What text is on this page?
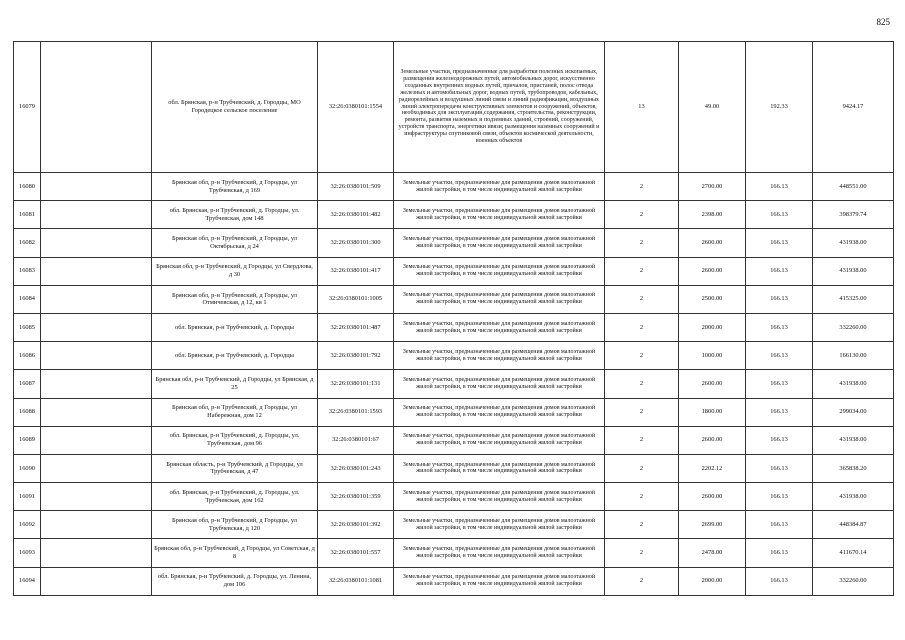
825
16079		обл. Брянская, р-н Трубчевский, д. Городцы, МО Городецкое сельское поселение	32:26:0380101:1554	Земельные участки, предназначенные для разработки полезных ископаемых, размещения железнодорожных путей, автомобильных дорог, искусственно созданных внутренних водных путей, причалов, пристаней, полос отвода железных и автомобильных дорог, водных путей, трубопроводов, кабельных, радиорелейных и воздушных линий связи и линий радиофикации, воздушных линий электропередачи конструктивных элементов и сооружений, объектов, необходимых для эксплуатации,содержания, строительства, реконструкции, ремонта, развития наземных и подземных зданий, строений, сооружений, устройств транспорта, энергетики ивязи; размещения наземных сооружений и инфраструктуры спутниковой связи, объектов космической деятельности, военных объектов	13	49.00	192.33	9424.17
16080		Брянская обл, р-н Трубчевский, д Городцы, ул Трубчевская, д 169	32:26:0380101:509	Земельные участки, предназначенные для размещения домов малоэтажной жилой застройки, в том числе индивидуальной жилой застройки	2	2700.00	166.13	448551.00
16081		обл. Брянская, р-н Трубчевский, д. Городцы, ул. Трубчевская, дом 148	32:26:0380101:482	Земельные участки, предназначенные для размещения домов малоэтажной жилой застройки, в том числе индивидуальной жилой застройки	2	2398.00	166.13	398379.74
16082		Брянская обл, р-н Трубчевский, д Городцы, ул Октябрьская, д 24	32:26:0380101:300	Земельные участки, предназначенные для размещения домов малоэтажной жилой застройки, в том числе индивидуальной жилой застройки	2	2600.00	166.13	431938.00
16083		Брянская обл, р-н Трубчевский, д Городцы, ул Свердлова, д 30	32:26:0380101:417	Земельные участки, предназначенные для размещения домов малоэтажной жилой застройки, в том числе индивидуальной жилой застройки	2	2600.00	166.13	431938.00
16084		Брянская обл, р-н Трубчевский, д Городцы, ул Отмичевская, д 12, кв 1	32:26:0380101:1005	Земельные участки, предназначенные для размещения домов малоэтажной жилой застройки, в том числе индивидуальной жилой застройки	2	2500.00	166.13	415325.00
16085		обл. Брянская, р-н Трубчевский, д. Городцы	32:26:0380101:487	Земельные участки, предназначенные для размещения домов малоэтажной жилой застройки, в том числе индивидуальной жилой застройки	2	2000.00	166.13	332260.00
16086		обл. Брянская, р-н Трубчевский, д. Городцы	32:26:0380101:792	Земельные участки, предназначенные для размещения домов малоэтажной жилой застройки, в том числе индивидуальной жилой застройки	2	1000.00	166.13	166130.00
16087		Брянская обл, р-н Трубчевский, д Городцы, ул Брянская, д 25	32:26:0380101:131	Земельные участки, предназначенные для размещения домов малоэтажной жилой застройки, в том числе индивидуальной жилой застройки	2	2600.00	166.13	431938.00
16088		Брянская обл, р-н Трубчевский, д Городцы, ул Набережная, дом 12	32:26:0380101:1593	Земельные участки, предназначенные для размещения домов малоэтажной жилой застройки, в том числе индивидуальной жилой застройки	2	1800.00	166.13	299034.00
16089		обл. Брянская, р-н Трубчевский, д. Городцы, ул. Трубчевская, дом 96	32:26:0380101:67	Земельные участки, предназначенные для размещения домов малоэтажной жилой застройки, в том числе индивидуальной жилой застройки	2	2600.00	166.13	431938.00
16090		Брянская область, р-н Трубчевский, д Городцы, ул Трубчевская, д 47	32:26:0380101:243	Земельные участки, предназначенные для размещения домов малоэтажной жилой застройки, в том числе индивидуальной жилой застройки	2	2202.12	166.13	365838.20
16091		обл. Брянская, р-н Трубчевский, д. Городцы, ул. Трубчевская, дом 162	32:26:0380101:359	Земельные участки, предназначенные для размещения домов малоэтажной жилой застройки, в том числе индивидуальной жилой застройки	2	2600.00	166.13	431938.00
16092		Брянская обл, р-н Трубчевский, д Городцы, ул Трубчевская, д 120	32:26:0380101:392	Земельные участки, предназначенные для размещения домов малоэтажной жилой застройки, в том числе индивидуальной жилой застройки	2	2699.00	166.13	448384.87
16093		Брянская обл, р-н Трубчевский, д Городцы, ул Советская, д 8	32:26:0380101:557	Земельные участки, предназначенные для размещения домов малоэтажной жилой застройки, в том числе индивидуальной жилой застройки	2	2478.00	166.13	411670.14
16094		обл. Брянская, р-н Трубчевский, д. Городцы, ул. Ленина, дом 106	32:26:0380101:1081	Земельные участки, предназначенные для размещения домов малоэтажной жилой застройки, в том числе индивидуальной жилой застройки	2	2000.00	166.13	332260.00
